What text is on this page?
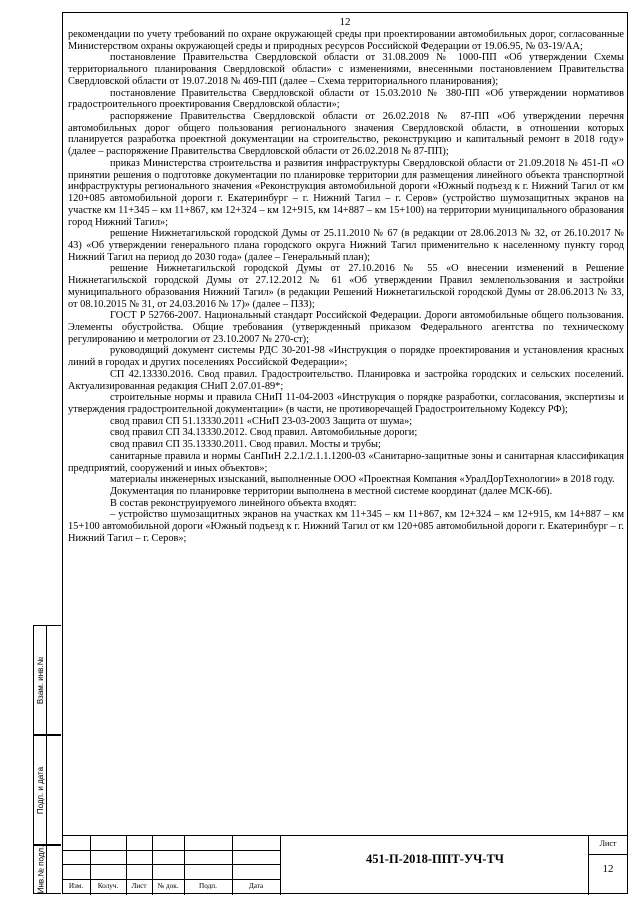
12

рекомендации по учету требований по охране окружающей среды при проектировании автомобильных дорог, согласованные Министерством охраны окружающей среды и природных ресурсов Российской Федерации от 19.06.95, № 03-19/АА;

постановление Правительства Свердловской области от 31.08.2009 № 1000-ПП «Об утверждении Схемы территориального планирования Свердловской области» с изменениями, внесенными постановлением Правительства Свердловской области от 19.07.2018 № 469-ПП (далее – Схема территориального планирования);

постановление Правительства Свердловской области от 15.03.2010 № 380-ПП «Об утверждении нормативов градостроительного проектирования Свердловской области»;

распоряжение Правительства Свердловской области от 26.02.2018 № 87-ПП «Об утверждении перечня автомобильных дорог общего пользования регионального значения Свердловской области, в отношении которых планируется разработка проектной документации на строительство, реконструкцию и капитальный ремонт в 2018 году» (далее – распоряжение Правительства Свердловской области от 26.02.2018 № 87-ПП);

приказ Министерства строительства и развития инфраструктуры Свердловской области от 21.09.2018 № 451-П «О принятии решения о подготовке документации по планировке территории для размещения линейного объекта транспортной инфраструктуры регионального значения «Реконструкция автомобильной дороги «Южный подъезд к г. Нижний Тагил от км 120+085 автомобильной дороги г. Екатеринбург – г. Нижний Тагил – г. Серов» (устройство шумозащитных экранов на участке км 11+345 – км 11+867, км 12+324 – км 12+915, км 14+887 – км 15+100) на территории муниципального образования город Нижний Тагил»;

решение Нижнетагильской городской Думы от 25.11.2010 № 67 (в редакции от 28.06.2013 № 32, от 26.10.2017 № 43) «Об утверждении генерального плана городского округа Нижний Тагил применительно к населенному пункту город Нижний Тагил на период до 2030 года» (далее – Генеральный план);

решение Нижнетагильской городской Думы от 27.10.2016 № 55 «О внесении изменений в Решение Нижнетагильской городской Думы от 27.12.2012 № 61 «Об утверждении Правил землепользования и застройки муниципального образования Нижний Тагил» (в редакции Решений Нижнетагильской городской Думы от 28.06.2013 № 33, от 08.10.2015 № 31, от 24.03.2016 № 17)» (далее – ПЗЗ);

ГОСТ Р 52766-2007. Национальный стандарт Российской Федерации. Дороги автомобильные общего пользования. Элементы обустройства. Общие требования (утвержденный приказом Федерального агентства по техническому регулированию и метрологии от 23.10.2007 № 270-ст);

руководящий документ системы РДС 30-201-98 «Инструкция о порядке проектирования и установления красных линий в городах и других поселениях Российской Федерации»;

СП 42.13330.2016. Свод правил. Градостроительство. Планировка и застройка городских и сельских поселений. Актуализированная редакция СНиП 2.07.01-89*;

строительные нормы и правила СНиП 11-04-2003 «Инструкция о порядке разработки, согласования, экспертизы и утверждения градостроительной документации» (в части, не противоречащей Градостроительному Кодексу РФ);

свод правил СП 51.13330.2011 «СНиП 23-03-2003 Защита от шума»;

свод правил СП 34.13330.2012. Свод правил. Автомобильные дороги;

свод правил СП 35.13330.2011. Свод правил. Мосты и трубы;

санитарные правила и нормы СанПиН 2.2.1/2.1.1.1200-03 «Санитарно-защитные зоны и санитарная классификация предприятий, сооружений и иных объектов»;

материалы инженерных изысканий, выполненные ООО «Проектная Компания «УралДорТехнологии» в 2018 году.

Документация по планировке территории выполнена в местной системе координат (далее МСК-66).

В состав реконструируемого линейного объекта входят:

– устройство шумозащитных экранов на участках км 11+345 – км 11+867, км 12+324 – км 12+915, км 14+887 – км 15+100 автомобильной дороги «Южный подъезд к г. Нижний Тагил от км 120+085 автомобильной дороги г. Екатеринбург – г. Нижний Тагил – г. Серов»;

Взам. инв.№
Подп. и дата
Инв.№ подл.	Изм.	Колуч.	Лист	№ док.	Подп.	Дата
451-П-2018-ППТ-УЧ-ТЧ
Лист
12
